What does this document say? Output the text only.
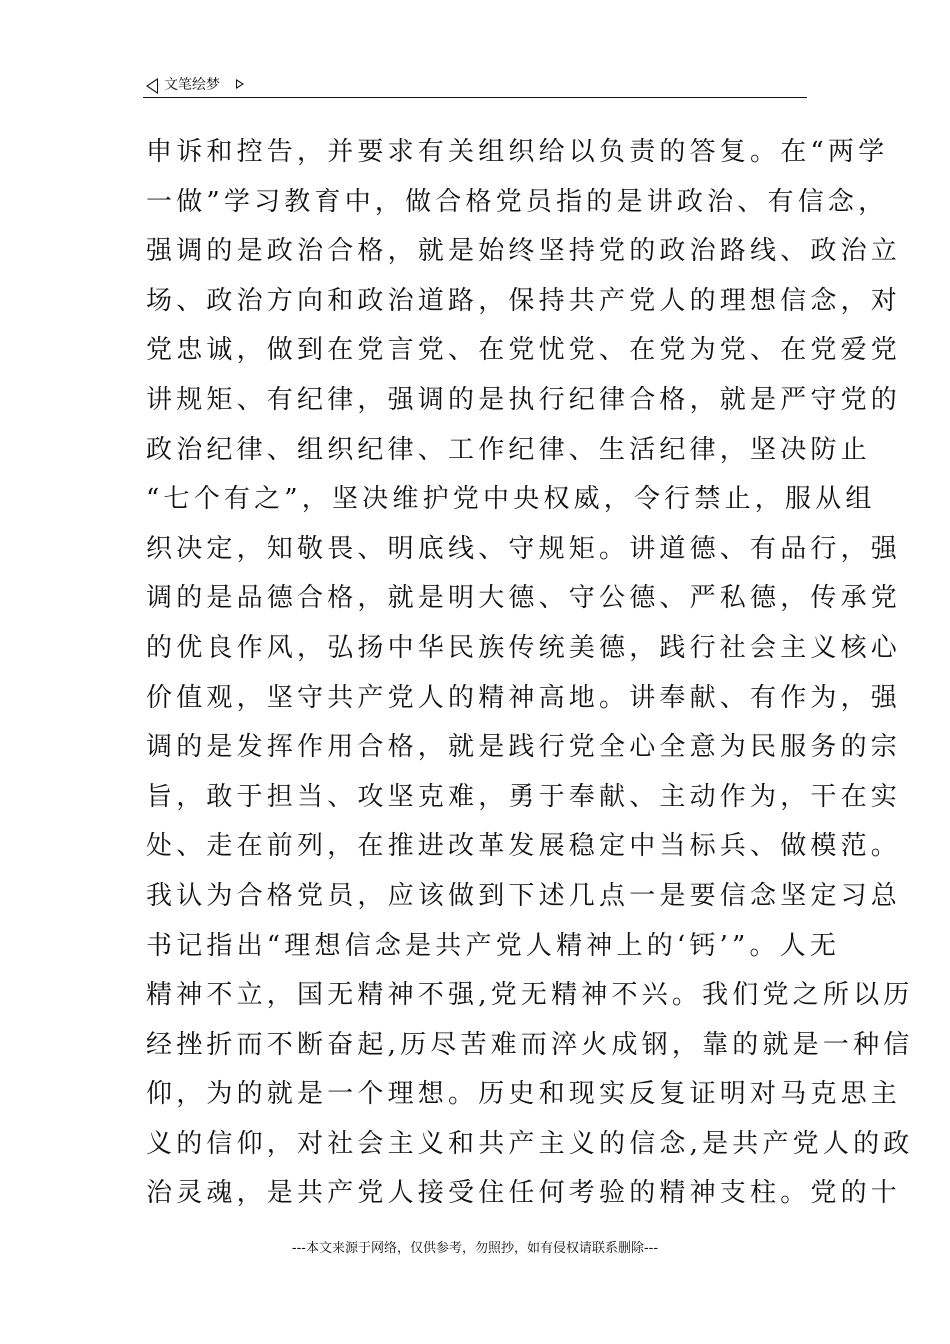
文笔绘梦
申诉和控告，并要求有关组织给以负责的答复。在“两学
一做”学习教育中，做合格党员指的是讲政治、有信念，
强调的是政治合格，就是始终坚持党的政治路线、政治立
场、政治方向和政治道路，保持共产党人的理想信念，对
党忠诚，做到在党言党、在党忧党、在党为党、在党爱党
讲规矩、有纪律，强调的是执行纪律合格，就是严守党的
政治纪律、组织纪律、工作纪律、生活纪律，坚决防止
“七个有之”，坚决维护党中央权威，令行禁止，服从组
织决定，知敬畏、明底线、守规矩。讲道德、有品行，强
调的是品德合格，就是明大德、守公德、严私德，传承党
的优良作风，弘扬中华民族传统美德，践行社会主义核心
价值观，坚守共产党人的精神高地。讲奉献、有作为，强
调的是发挥作用合格，就是践行党全心全意为民服务的宗
旨，敢于担当、攻坚克难，勇于奉献、主动作为，干在实
处、走在前列，在推进改革发展稳定中当标兵、做模范。
我认为合格党员，应该做到下述几点一是要信念坚定习总
书记指出“理想信念是共产党人精神上的‘钙’”。人无
精神不立，国无精神不强,党无精神不兴。我们党之所以历
经挫折而不断奋起,历尽苦难而淬火成钢，靠的就是一种信
仰，为的就是一个理想。历史和现实反复证明对马克思主
义的信仰，对社会主义和共产主义的信念,是共产党人的政
治灵魂，是共产党人接受住任何考验的精神支柱。党的十
---本文来源于网络，仅供参考，勿照抄，如有侵权请联系删除---
